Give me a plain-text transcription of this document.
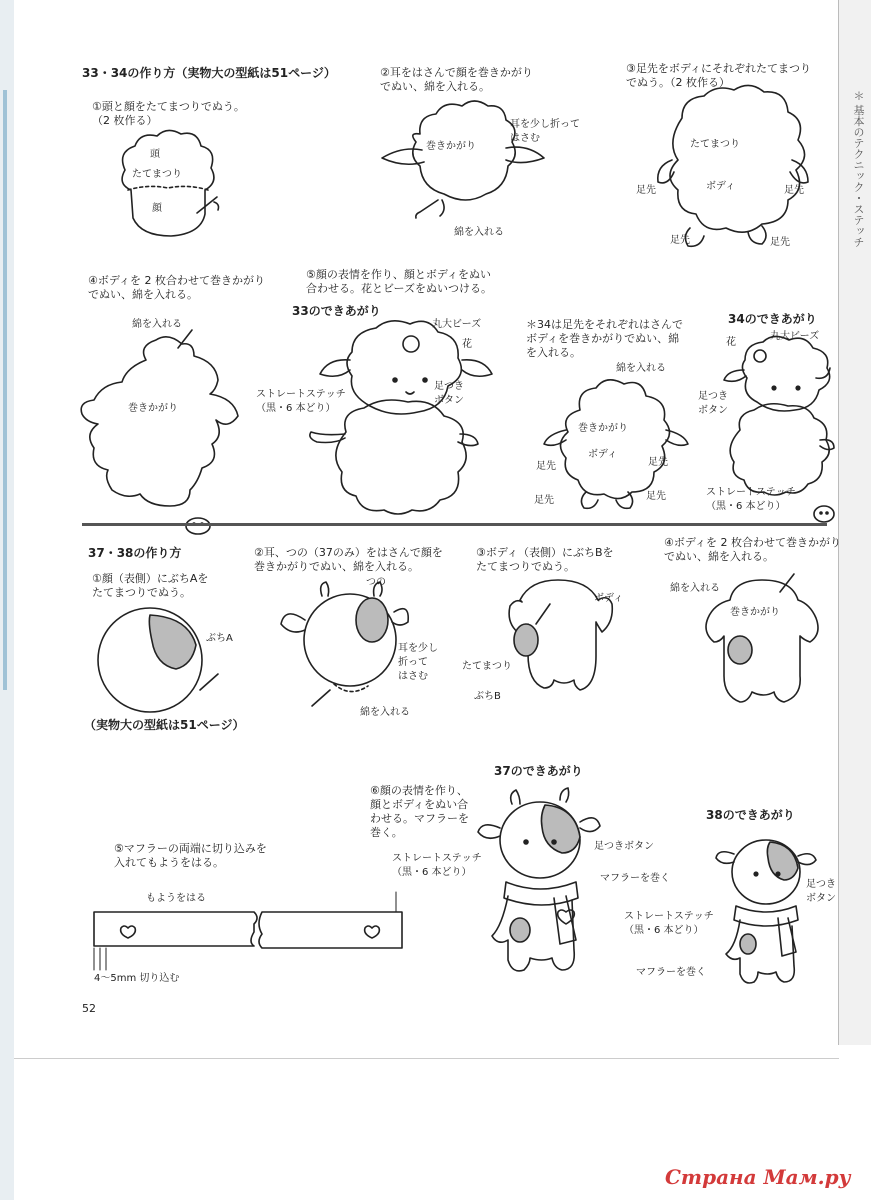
＊ 基本のテクニック・ステッチ
33・34の作り方（実物大の型紙は51ページ）
①頭と顔をたてまつりでぬう。
（2 枚作る）
頭
たてまつり
顔
②耳をはさんで顔を巻きかがり
でぬい、綿を入れる。
巻きかがり
耳を少し折って
はさむ
綿を入れる
③足先をボディにそれぞれたてまつり
でぬう。（2 枚作る）
たてまつり
ボディ
足先	足先
足先	足先
④ボディを 2 枚合わせて巻きかがり
でぬい、綿を入れる。
綿を入れる
巻きかがり
⑤顔の表情を作り、顔とボディをぬい
合わせる。花とビーズをぬいつける。
33のできあがり
丸大ビーズ
花
ストレートステッチ
（黒・6 本どり）
足つき
ボタン
＊34は足先をそれぞれはさんで
ボディを巻きかがりでぬい、綿
を入れる。
綿を入れる
巻きかがり
ボディ
足先	足先
足先	足先
34のできあがり
花
丸大ビーズ
足つき
ボタン
ストレートステッチ
（黒・6 本どり）
37・38の作り方
①顔（表側）にぶちAを
たてまつりでぬう。
ぶちA
（実物大の型紙は51ページ）
②耳、つの（37のみ）をはさんで顔を
巻きかがりでぬい、綿を入れる。
つの
耳を少し
折って
はさむ
綿を入れる
③ボディ（表側）にぶちBを
たてまつりでぬう。
ボディ
たてまつり
ぶちB
④ボディを 2 枚合わせて巻きかがり
でぬい、綿を入れる。
綿を入れる
巻きかがり
37のできあがり
⑥顔の表情を作り、
顔とボディをぬい合
わせる。マフラーを
巻く。
足つきボタン
ストレートステッチ
（黒・6 本どり）
マフラーを巻く
38のできあがり
足つき
ボタン
ストレートステッチ
（黒・6 本どり）
マフラーを巻く
⑤マフラーの両端に切り込みを
入れてもようをはる。
もようをはる
4〜5mm 切り込む
52
Страна Мам.ру
